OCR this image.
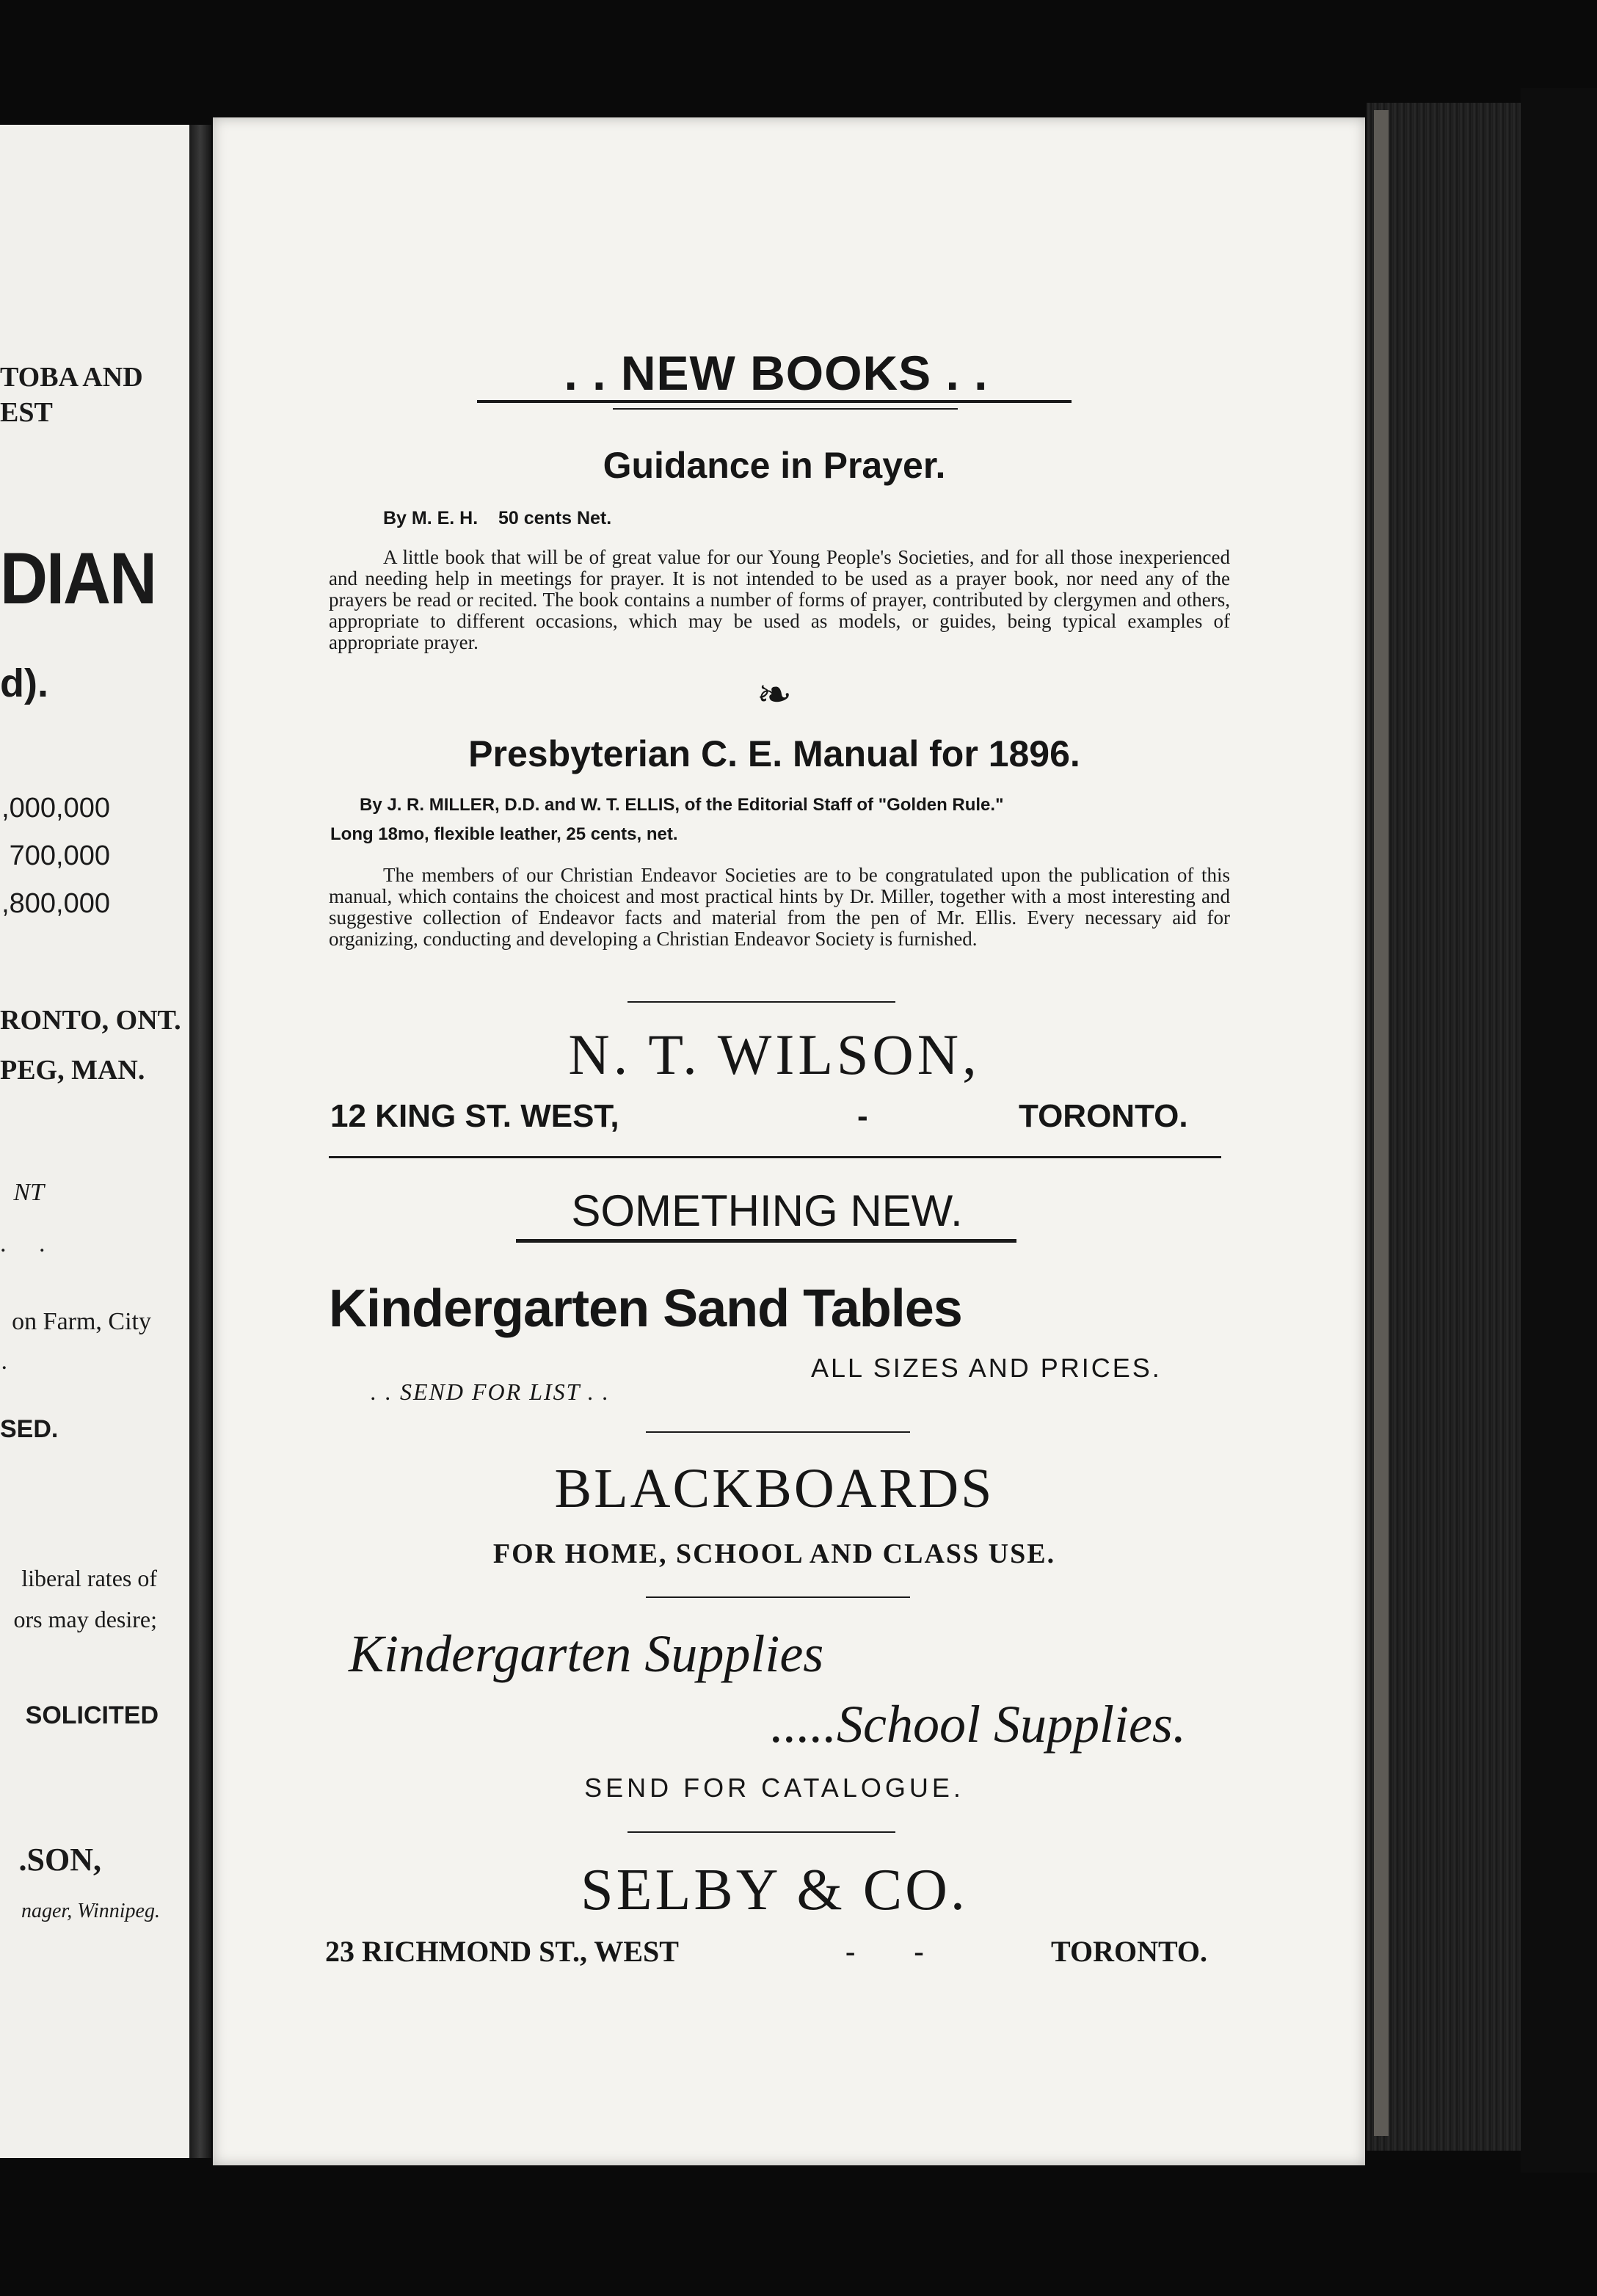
TOBA AND
EST
DIAN
d).
,000,000
700,000
,800,000
RONTO, ONT.
PEG, MAN.
NT
. .
on Farm, City
.
SED.
liberal rates of
ors may desire;
SOLICITED
.SON,
nager, Winnipeg.
. . NEW BOOKS . .
Guidance in Prayer.
By M. E. H.    50 cents Net.
A little book that will be of great value for our Young People's Societies, and for all those inexperienced and needing help in meetings for prayer. It is not intended to be used as a prayer book, nor need any of the prayers be read or recited. The book contains a number of forms of prayer, contributed by clergymen and others, appropriate to different occasions, which may be used as models, or guides, being typical examples of appropriate prayer.
❧
Presbyterian C. E. Manual for 1896.
By J. R. MILLER, D.D. and W. T. ELLIS, of the Editorial Staff of "Golden Rule."
Long 18mo, flexible leather, 25 cents, net.
The members of our Christian Endeavor Societies are to be congratulated upon the publication of this manual, which contains the choicest and most practical hints by Dr. Miller, together with a most interesting and suggestive collection of Endeavor facts and material from the pen of Mr. Ellis. Every necessary aid for organizing, conducting and developing a Christian Endeavor Society is furnished.
N. T. WILSON,
12 KING ST. WEST,	-	TORONTO.
SOMETHING NEW.
Kindergarten Sand Tables
ALL SIZES AND PRICES.
. . SEND FOR LIST . .
BLACKBOARDS
FOR HOME, SCHOOL AND CLASS USE.
Kindergarten Supplies
.....School Supplies.
SEND FOR CATALOGUE.
SELBY & CO.
23 RICHMOND ST., WEST	-        -	TORONTO.
